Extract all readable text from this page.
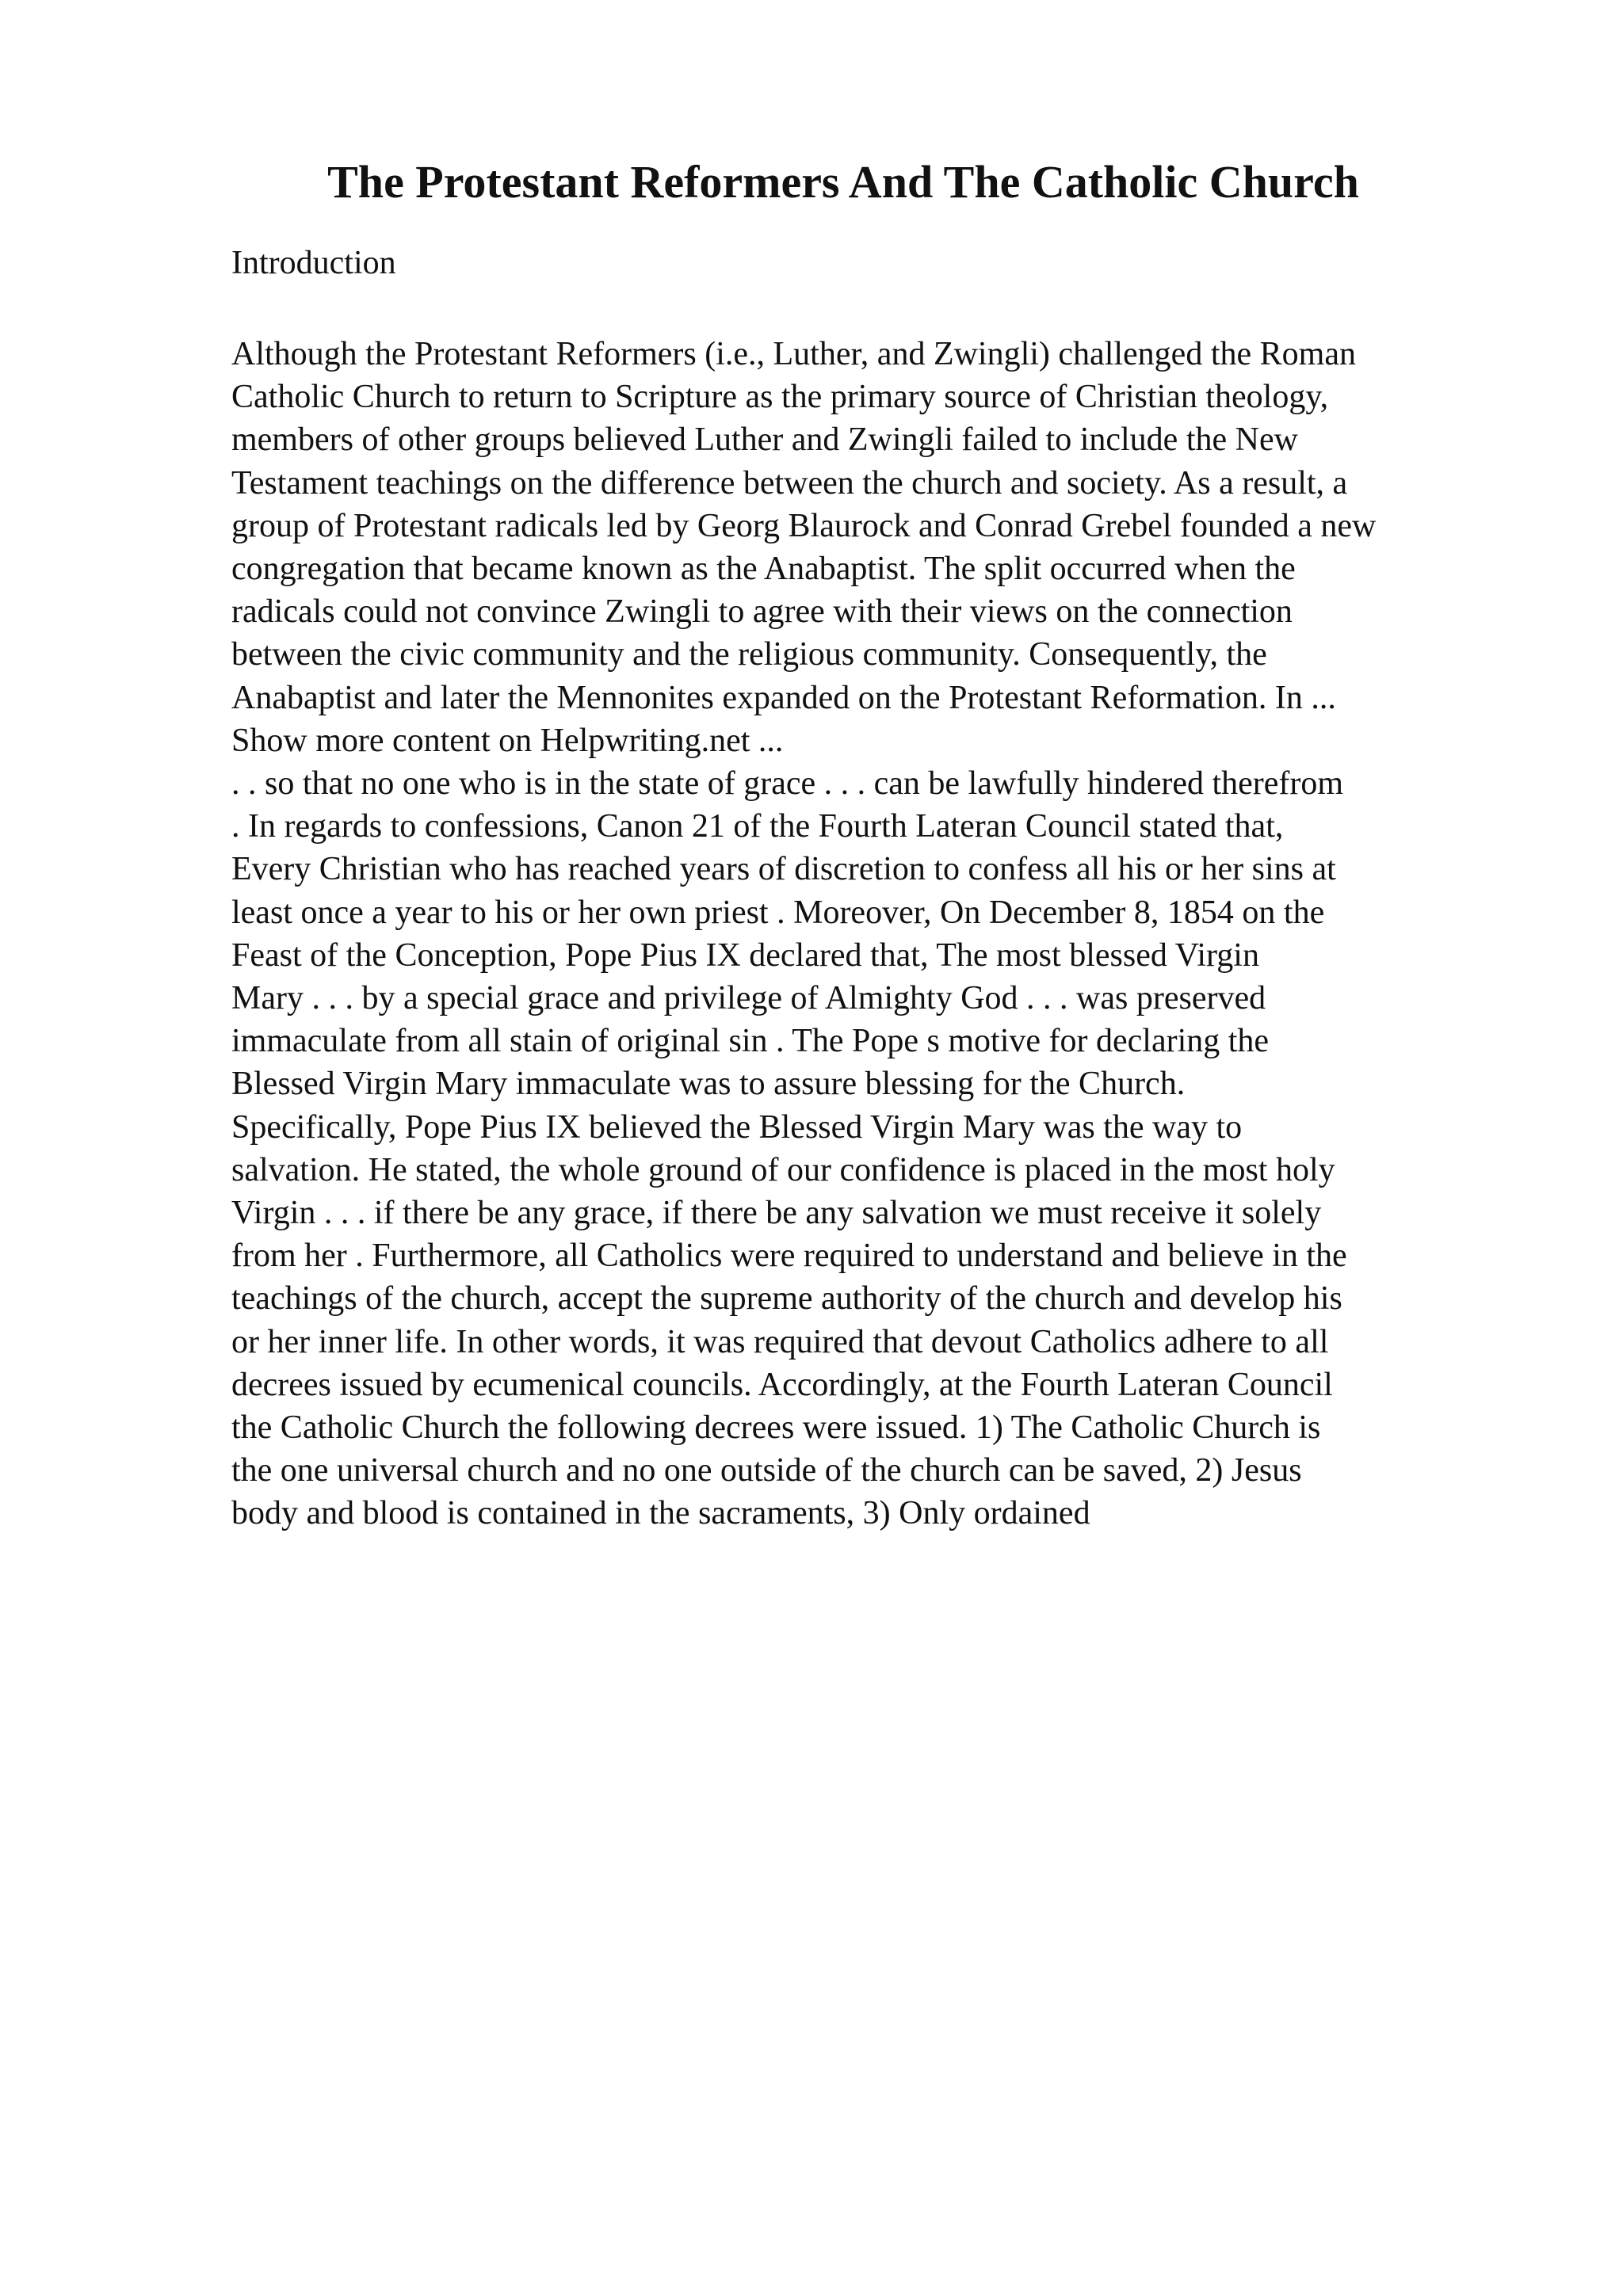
The Protestant Reformers And The Catholic Church
Introduction
Although the Protestant Reformers (i.e., Luther, and Zwingli) challenged the Roman
Catholic Church to return to Scripture as the primary source of Christian theology,
members of other groups believed Luther and Zwingli failed to include the New
Testament teachings on the difference between the church and society. As a result, a
group of Protestant radicals led by Georg Blaurock and Conrad Grebel founded a new
congregation that became known as the Anabaptist. The split occurred when the
radicals could not convince Zwingli to agree with their views on the connection
between the civic community and the religious community. Consequently, the
Anabaptist and later the Mennonites expanded on the Protestant Reformation. In ...
Show more content on Helpwriting.net ...
. . so that no one who is in the state of grace . . . can be lawfully hindered therefrom
. In regards to confessions, Canon 21 of the Fourth Lateran Council stated that,
Every Christian who has reached years of discretion to confess all his or her sins at
least once a year to his or her own priest . Moreover, On December 8, 1854 on the
Feast of the Conception, Pope Pius IX declared that, The most blessed Virgin
Mary . . . by a special grace and privilege of Almighty God . . . was preserved
immaculate from all stain of original sin . The Pope s motive for declaring the
Blessed Virgin Mary immaculate was to assure blessing for the Church.
Specifically, Pope Pius IX believed the Blessed Virgin Mary was the way to
salvation. He stated, the whole ground of our confidence is placed in the most holy
Virgin . . . if there be any grace, if there be any salvation we must receive it solely
from her . Furthermore, all Catholics were required to understand and believe in the
teachings of the church, accept the supreme authority of the church and develop his
or her inner life. In other words, it was required that devout Catholics adhere to all
decrees issued by ecumenical councils. Accordingly, at the Fourth Lateran Council
the Catholic Church the following decrees were issued. 1) The Catholic Church is
the one universal church and no one outside of the church can be saved, 2) Jesus
body and blood is contained in the sacraments, 3) Only ordained
